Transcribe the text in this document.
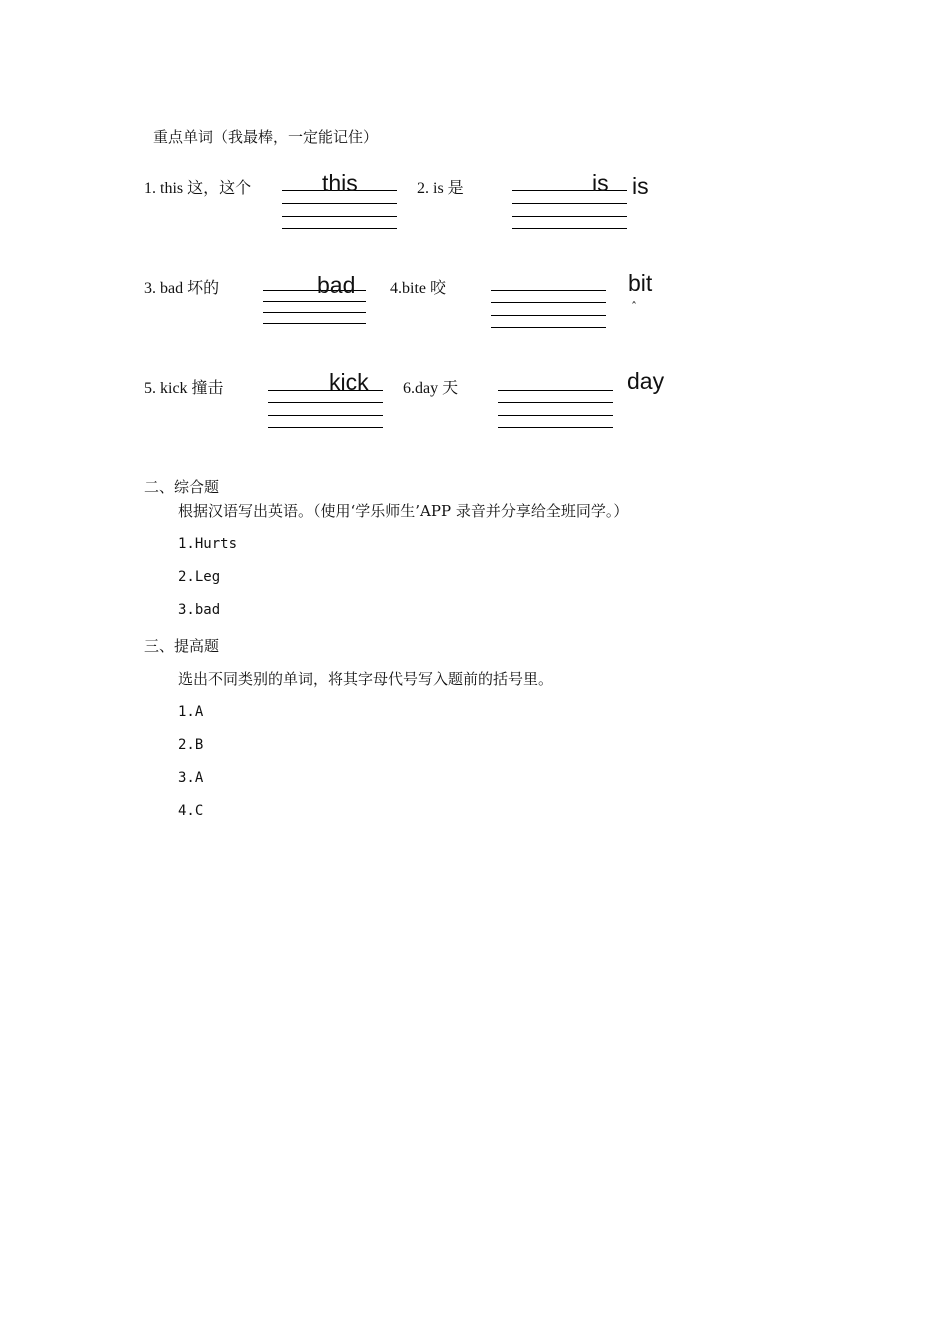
重点单词（我最棒，一定能记住）
1. this 这，这个	this	2. is 是	is is
3. bad 坏的	bad 4.bite 咬	bit
ˆ
5. kick 撞击	kick 6.day 天	day
二、综合题
根据汉语写出英语。（使用‘学乐师生’APP 录音并分享给全班同学。）
1.Hurts
2.Leg
3.bad
三、提高题
选出不同类别的单词，将其字母代号写入题前的括号里。
1.A
2.B
3.A
4.C
